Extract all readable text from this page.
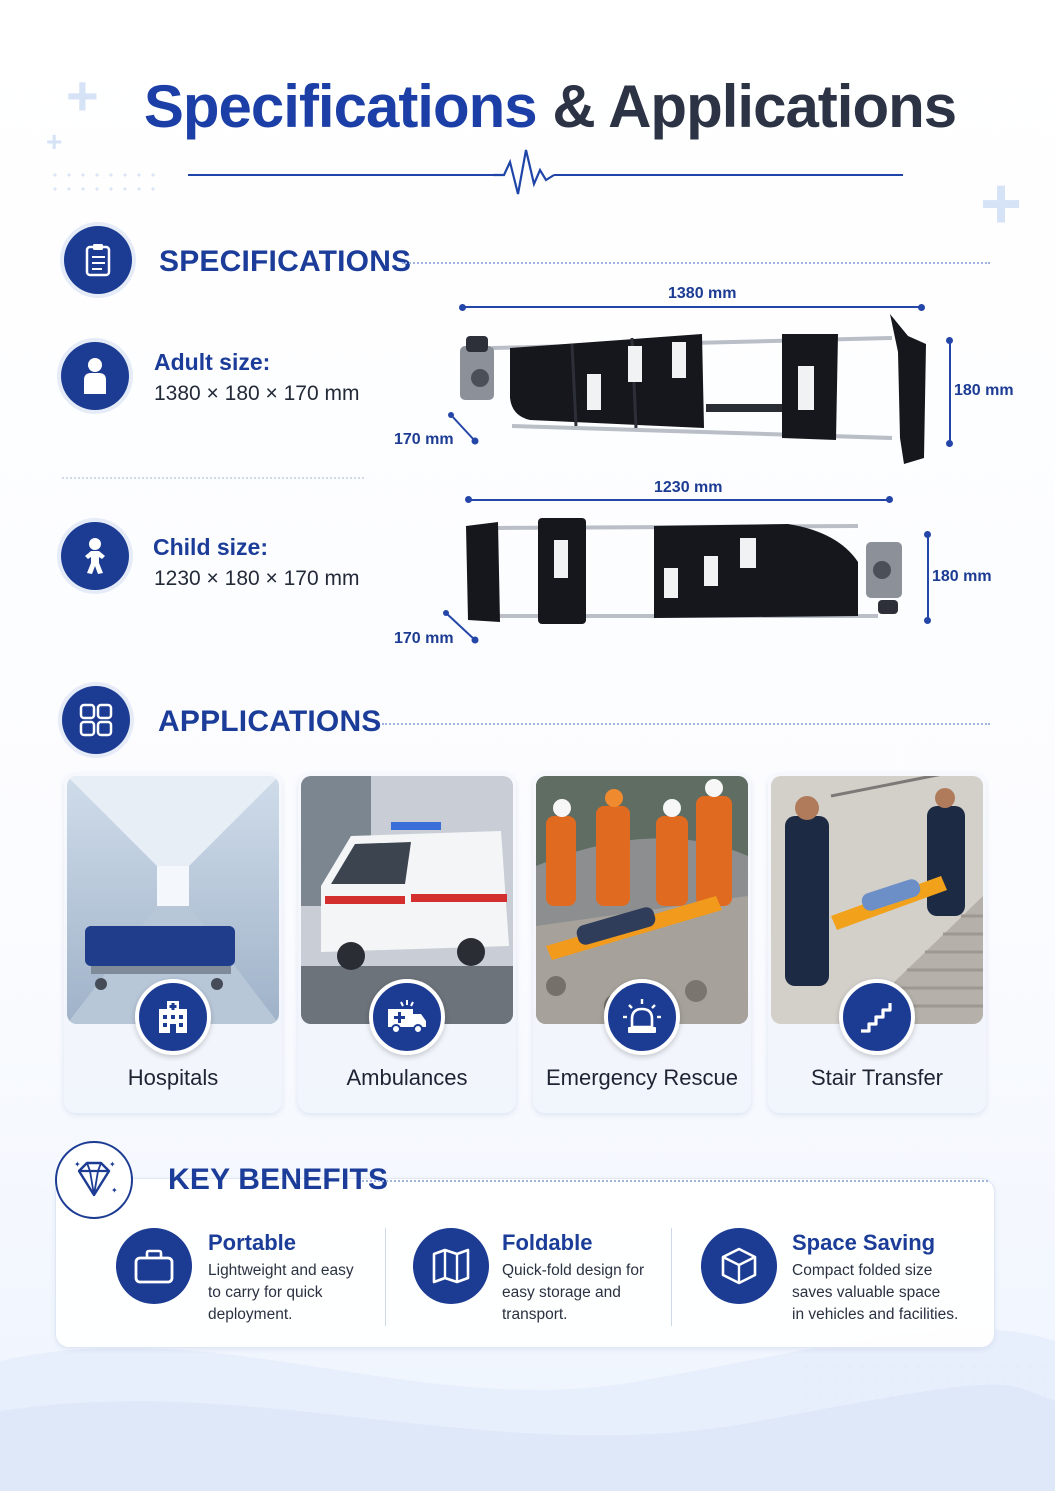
+
+
+
Specifications & Applications
SPECIFICATIONS
Adult size:
1380 × 180 × 170 mm
Child size:
1230 × 180 × 170 mm
1380 mm
180 mm
170 mm
1230 mm
180 mm
170 mm
APPLICATIONS
Hospitals	Ambulances	Emergency Rescue	Stair Transfer
✦	✦
✦ KEY BENEFITS
Portable
Lightweight and easy
to carry for quick
deployment.
Foldable
Quick-fold design for
easy storage and
transport.
Space Saving
Compact folded size
saves valuable space
in vehicles and facilities.
